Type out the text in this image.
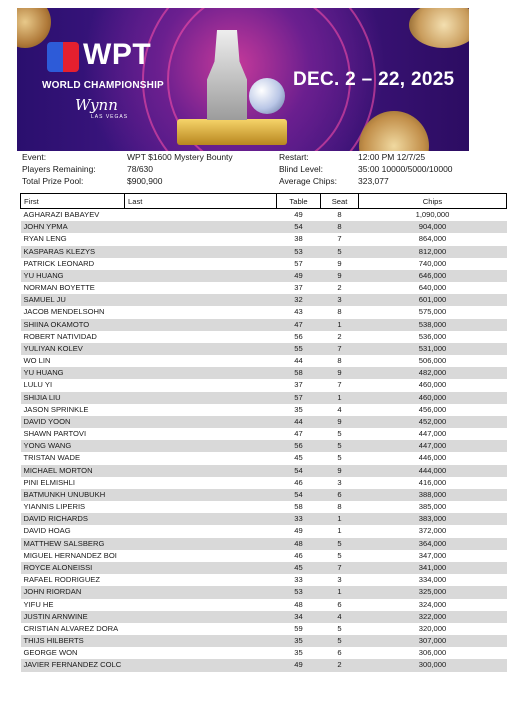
WPT
WORLD CHAMPIONSHIP
Wynn
LAS VEGAS
DEC. 2 – 22, 2025
Event:	WPT $1600 Mystery Bounty
Players Remaining:	78/630
Total Prize Pool:	$900,900
Restart:	12:00 PM 12/7/25
Blind Level:	35:00 10000/5000/10000
Average Chips: 323,077
First	Last	Table	Seat	Chips
AGHARAZI BABAYEV		49	8	1,090,000
JOHN YPMA		54	8	904,000
RYAN LENG		38	7	864,000
KASPARAS KLEZYS		53	5	812,000
PATRICK LEONARD		57	9	740,000
YU HUANG		49	9	646,000
NORMAN BOYETTE		37	2	640,000
SAMUEL JU		32	3	601,000
JACOB MENDELSOHN		43	8	575,000
SHIINA OKAMOTO		47	1	538,000
ROBERT NATIVIDAD		56	2	536,000
YULIYAN KOLEV		55	7	531,000
WO LIN		44	8	506,000
YU HUANG		58	9	482,000
LULU YI		37	7	460,000
SHIJIA LIU		57	1	460,000
JASON SPRINKLE		35	4	456,000
DAVID YOON		44	9	452,000
SHAWN PARTOVI		47	5	447,000
YONG WANG		56	5	447,000
TRISTAN WADE		45	5	446,000
MICHAEL MORTON		54	9	444,000
PINI ELMISHLI		46	3	416,000
BATMUNKH UNUBUKH		54	6	388,000
YIANNIS LIPERIS		58	8	385,000
DAVID RICHARDS		33	1	383,000
DAVID HOAG		49	1	372,000
MATTHEW SALSBERG		48	5	364,000
MIGUEL HERNANDEZ BOI		46	5	347,000
ROYCE ALONEISSI		45	7	341,000
RAFAEL RODRIGUEZ		33	3	334,000
JOHN RIORDAN		53	1	325,000
YIFU HE		48	6	324,000
JUSTIN ARNWINE		34	4	322,000
CRISTIAN ALVAREZ DORA		59	5	320,000
THIJS HILBERTS		35	5	307,000
GEORGE WON		35	6	306,000
JAVIER FERNANDEZ COLC		49	2	300,000
